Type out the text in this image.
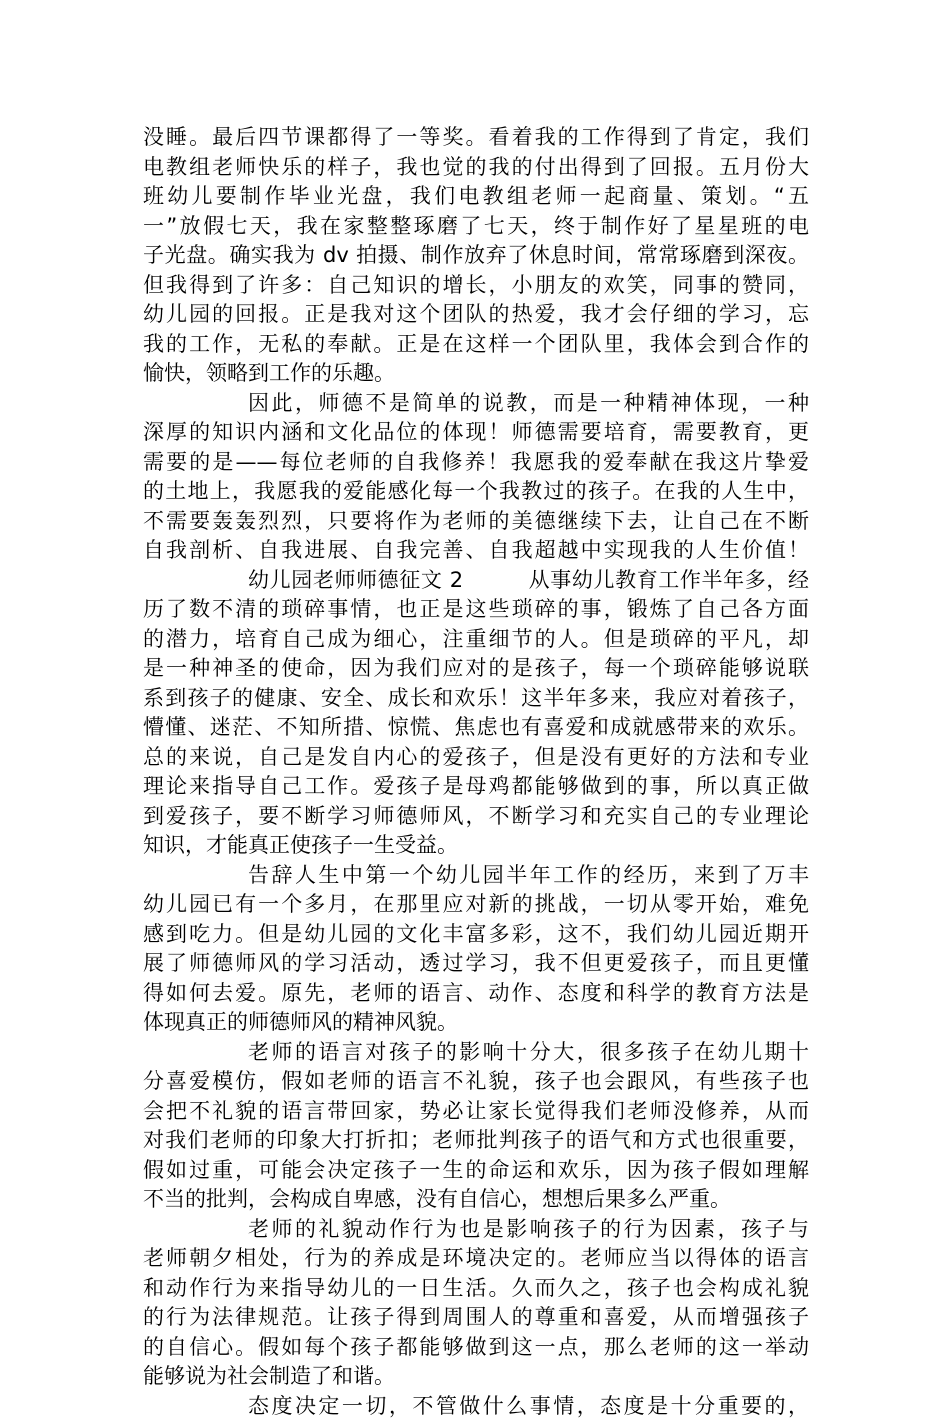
没睡。最后四节课都得了一等奖。看着我的工作得到了肯定，我们
电教组老师快乐的样子，我也觉的我的付出得到了回报。五月份大
班幼儿要制作毕业光盘，我们电教组老师一起商量、策划。“五
一”放假七天，我在家整整琢磨了七天，终于制作好了星星班的电
子光盘。确实我为 dv 拍摄、制作放弃了休息时间，常常琢磨到深夜。
但我得到了许多：自己知识的增长，小朋友的欢笑，同事的赞同，
幼儿园的回报。正是我对这个团队的热爱，我才会仔细的学习，忘
我的工作，无私的奉献。正是在这样一个团队里，我体会到合作的
愉快，领略到工作的乐趣。
因此，师德不是简单的说教，而是一种精神体现，一种
深厚的知识内涵和文化品位的体现！师德需要培育，需要教育，更
需要的是——每位老师的自我修养！我愿我的爱奉献在我这片挚爱
的土地上，我愿我的爱能感化每一个我教过的孩子。在我的人生中，
不需要轰轰烈烈，只要将作为老师的美德继续下去，让自己在不断
自我剖析、自我进展、自我完善、自我超越中实现我的人生价值！
幼儿园老师师德征文 2　　　从事幼儿教育工作半年多，经
历了数不清的琐碎事情，也正是这些琐碎的事，锻炼了自己各方面
的潜力，培育自己成为细心，注重细节的人。但是琐碎的平凡，却
是一种神圣的使命，因为我们应对的是孩子，每一个琐碎能够说联
系到孩子的健康、安全、成长和欢乐！这半年多来，我应对着孩子，
懵懂、迷茫、不知所措、惊慌、焦虑也有喜爱和成就感带来的欢乐。
总的来说，自己是发自内心的爱孩子，但是没有更好的方法和专业
理论来指导自己工作。爱孩子是母鸡都能够做到的事，所以真正做
到爱孩子，要不断学习师德师风，不断学习和充实自己的专业理论
知识，才能真正使孩子一生受益。
告辞人生中第一个幼儿园半年工作的经历，来到了万丰
幼儿园已有一个多月，在那里应对新的挑战，一切从零开始，难免
感到吃力。但是幼儿园的文化丰富多彩，这不，我们幼儿园近期开
展了师德师风的学习活动，透过学习，我不但更爱孩子，而且更懂
得如何去爱。原先，老师的语言、动作、态度和科学的教育方法是
体现真正的师德师风的精神风貌。
老师的语言对孩子的影响十分大，很多孩子在幼儿期十
分喜爱模仿，假如老师的语言不礼貌，孩子也会跟风，有些孩子也
会把不礼貌的语言带回家，势必让家长觉得我们老师没修养，从而
对我们老师的印象大打折扣；老师批判孩子的语气和方式也很重要，
假如过重，可能会决定孩子一生的命运和欢乐，因为孩子假如理解
不当的批判，会构成自卑感，没有自信心，想想后果多么严重。
老师的礼貌动作行为也是影响孩子的行为因素，孩子与
老师朝夕相处，行为的养成是环境决定的。老师应当以得体的语言
和动作行为来指导幼儿的一日生活。久而久之，孩子也会构成礼貌
的行为法律规范。让孩子得到周围人的尊重和喜爱，从而增强孩子
的自信心。假如每个孩子都能够做到这一点，那么老师的这一举动
能够说为社会制造了和谐。
态度决定一切，不管做什么事情，态度是十分重要的，
